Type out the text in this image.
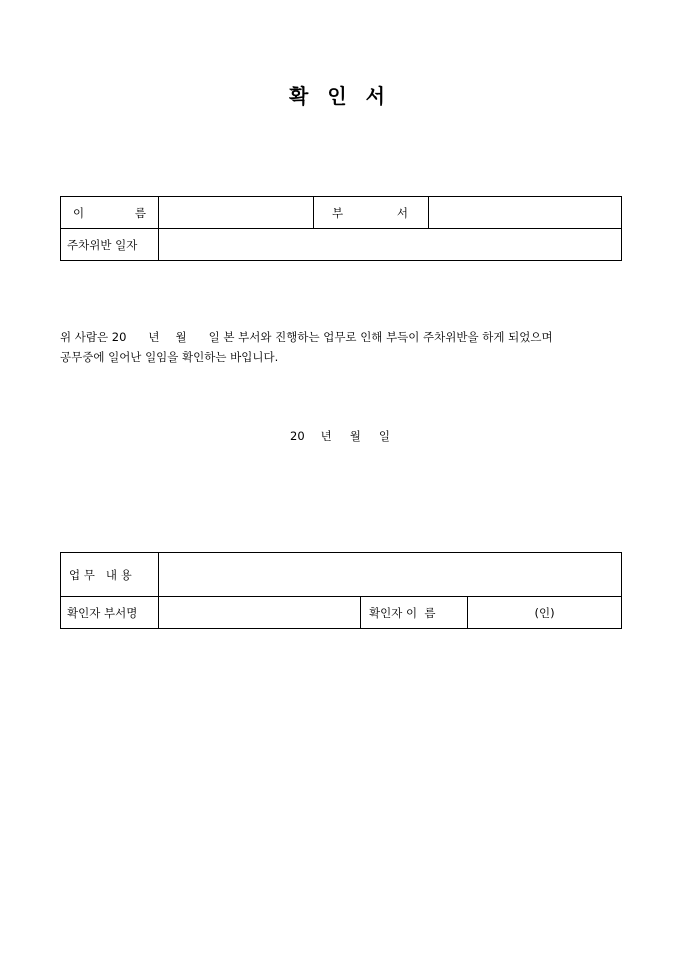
확 인 서
이 름		부 서	

주차위반 일자			
위 사람은 20 년 월 일 본 부서와 진행하는 업무로 인해 부득이 주차위반을 하게 되었으며
공무중에 일어난 일임을 확인하는 바입니다.
20 년 월 일
업 무   내 용			
확인자 부서명		확인자 이  름	(인)
